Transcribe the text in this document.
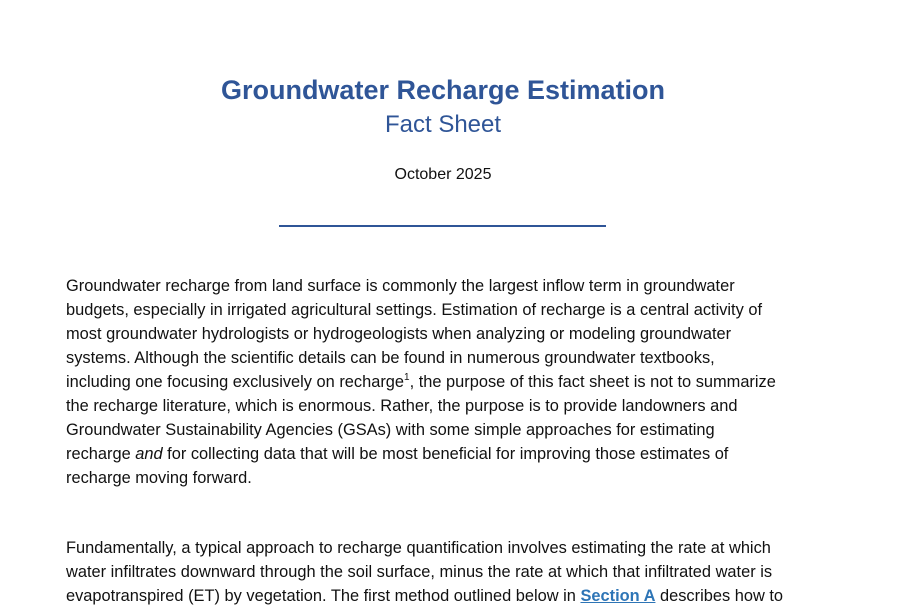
Groundwater Recharge Estimation
Fact Sheet
October 2025

Groundwater recharge from land surface is commonly the largest inflow term in groundwater
budgets, especially in irrigated agricultural settings. Estimation of recharge is a central activity of
most groundwater hydrologists or hydrogeologists when analyzing or modeling groundwater
systems. Although the scientific details can be found in numerous groundwater textbooks,
including one focusing exclusively on recharge$^1$, the purpose of this fact sheet is not to summarize
the recharge literature, which is enormous. Rather, the purpose is to provide landowners and
Groundwater Sustainability Agencies (GSAs) with some simple approaches for estimating
recharge and for collecting data that will be most beneficial for improving those estimates of
recharge moving forward.

Fundamentally, a typical approach to recharge quantification involves estimating the rate at which
water infiltrates downward through the soil surface, minus the rate at which that infiltrated water is
evapotranspired (ET) by vegetation. The first method outlined below in Section A describes how to
